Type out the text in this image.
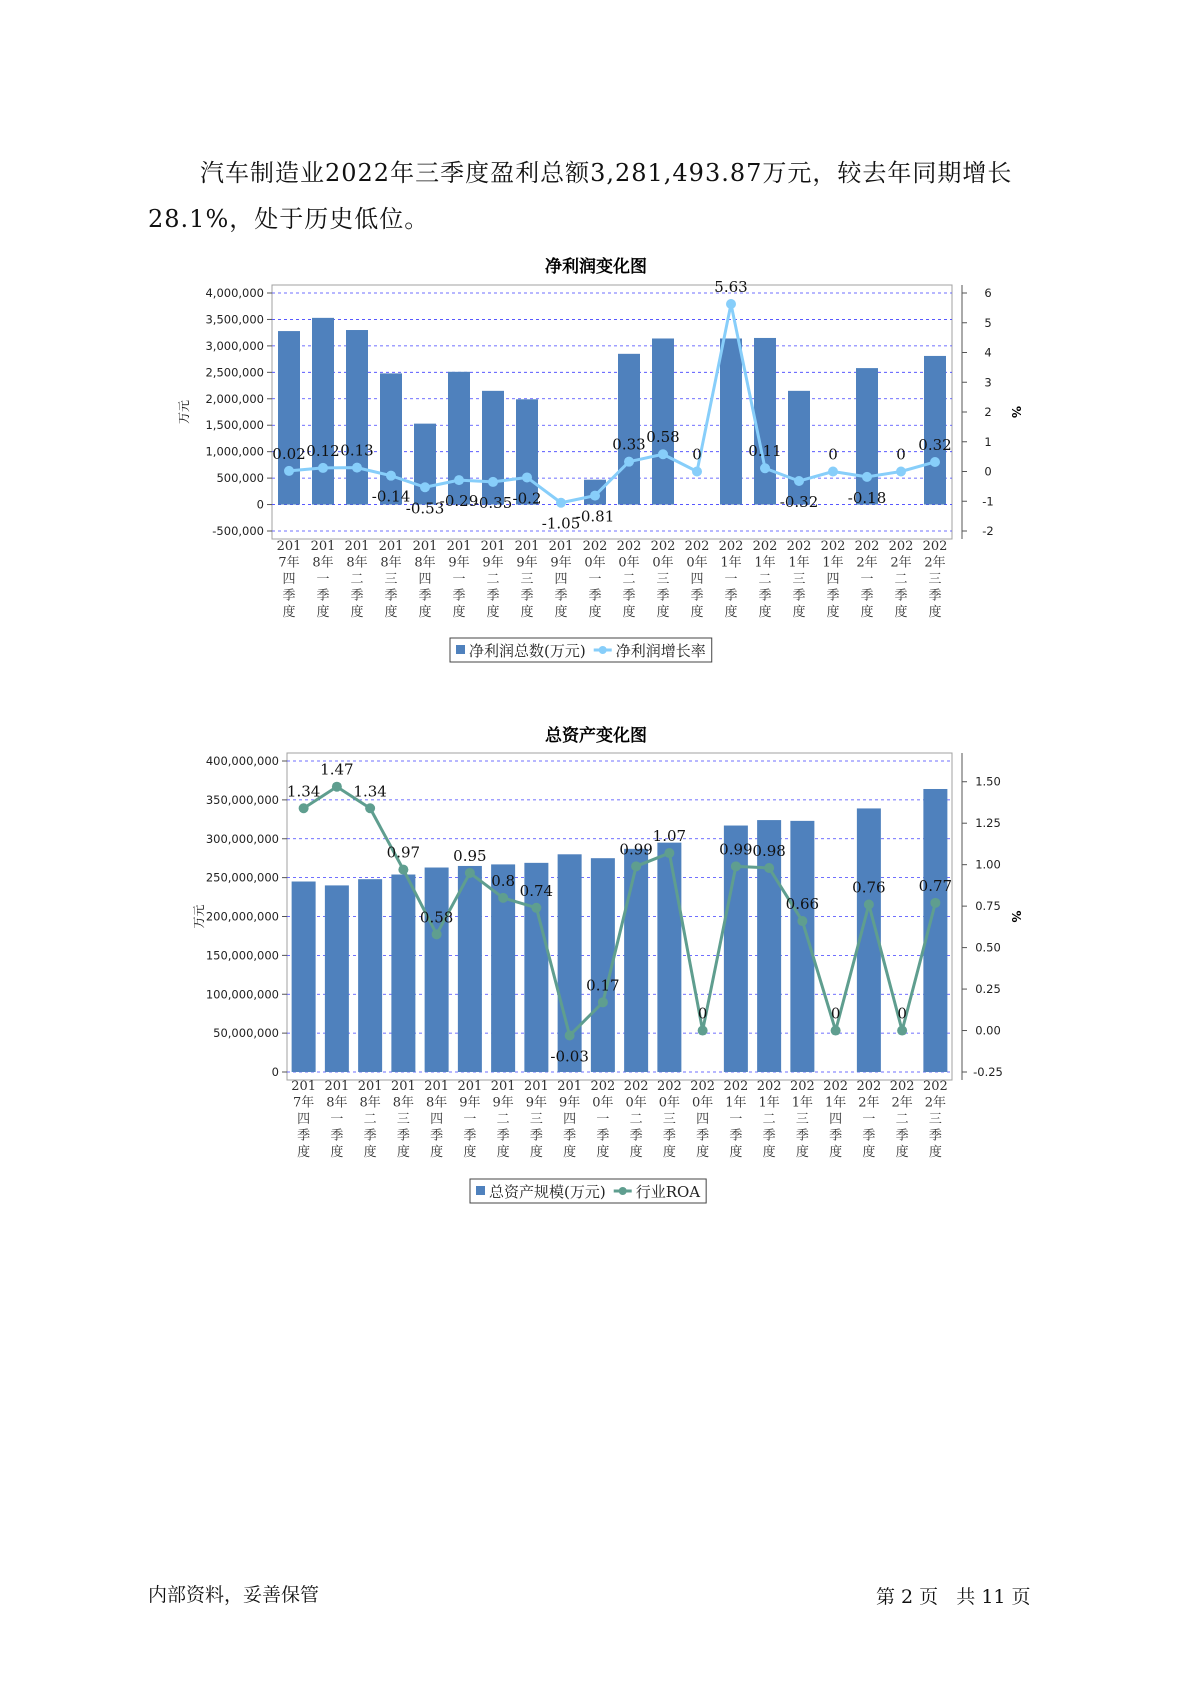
汽车制造业2022年三季度盈利总额3,281,493.87万元，较去年同期增长28.1%，处于历史低位。
净利润变化图
4,000,000
3,500,000
3,000,000
2,500,000
2,000,000
1,500,000
1,000,000
500,000
0
-500,000
6
5
4
3
2
1
0
-1
-2
万元	%
0.02 0.12 0.13
-0.14
-0.53
-0.29
-0.35 -0.2
-1.05
-0.81
0.33 0.58
0
5.63
0.11
-0.32
0
-0.18
0
0.32
201 7年四季度
201 8年一季度
201 8年二季度
201 8年三季度
201 8年四季度
201 9年一季度
201 9年二季度
201 9年三季度
201 9年四季度
202 0年一季度
202 0年二季度
202 0年三季度
202 0年四季度
202 1年一季度
202 1年二季度
202 1年三季度
202 1年四季度
202 2年一季度
202 2年二季度
202 2年三季度
净利润总数(万元) 净利润增长率
总资产变化图
400,000,000
350,000,000
300,000,000
250,000,000
200,000,000
150,000,000
100,000,000
50,000,000
0
1.50
1.25
1.00
0.75
0.50
0.25
0.00
-0.25
万元	%
1.34
1.47
1.34
0.97
0.58
0.95
0.8
0.74
-0.03
0.17
0.99
1.07
0
0.99 0.98
0.66
0
0.76
0
0.77
201 7年四季度
201 8年一季度
201 8年二季度
201 8年三季度
201 8年四季度
201 9年一季度
201 9年二季度
201 9年三季度
201 9年四季度
202 0年一季度
202 0年二季度
202 0年三季度
202 0年四季度
202 1年一季度
202 1年二季度
202 1年三季度
202 1年四季度
202 2年一季度
202 2年二季度
202 2年三季度
总资产规模(万元) 行业ROA
内部资料，妥善保管	第 2 页   共 11 页
